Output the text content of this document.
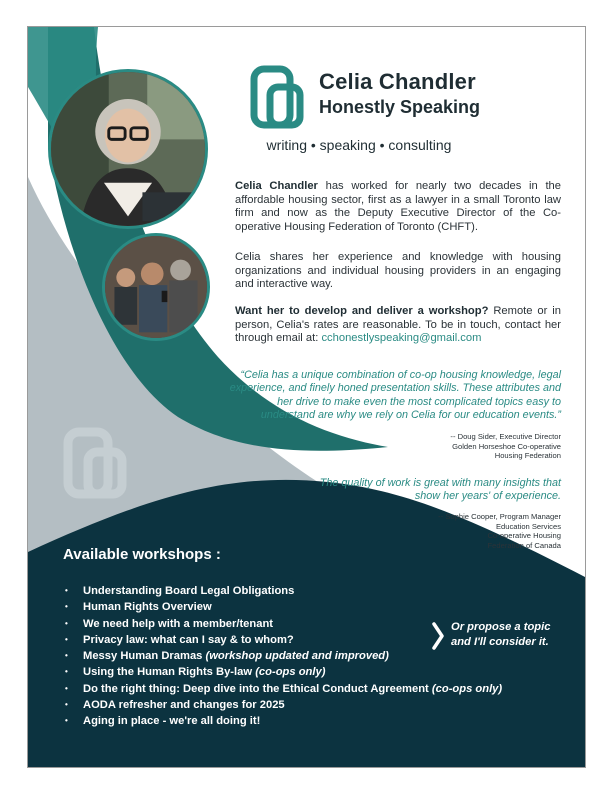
Celia Chandler
Honestly Speaking
writing • speaking • consulting
Celia Chandler has worked for nearly two decades in the affordable housing sector, first as a lawyer in a small Toronto law firm and now as the Deputy Executive Director of the Co-operative Housing Federation of Toronto (CHFT).
Celia shares her experience and knowledge with housing organizations and individual housing providers in an engaging and interactive way.
Want her to develop and deliver a workshop? Remote or in person, Celia's rates are reasonable. To be in touch, contact her through email at: cchonestlyspeaking@gmail.com
“Celia has a unique combination of co-op housing knowledge, legal experience, and finely honed presentation skills. These attributes and her drive to make even the most complicated topics easy to understand are why we rely on Celia for our education events.”
-- Doug Sider, Executive Director
Golden Horseshoe Co-operative
Housing Federation
The quality of work is great with many insights that show her years' of experience.
-- Sophie Cooper, Program Manager
Education Services
Co-operative Housing
Federation of Canada
Available workshops :
• Understanding Board Legal Obligations
• Human Rights Overview
• We need help with a member/tenant
• Privacy law: what can I say & to whom?
• Messy Human Dramas (workshop updated and improved)
• Using the Human Rights By-law (co-ops only)
• Do the right thing: Deep dive into the Ethical Conduct Agreement (co-ops only)
• AODA refresher and changes for 2025
• Aging in place - we're all doing it!
Or propose a topic
and I'll consider it.
